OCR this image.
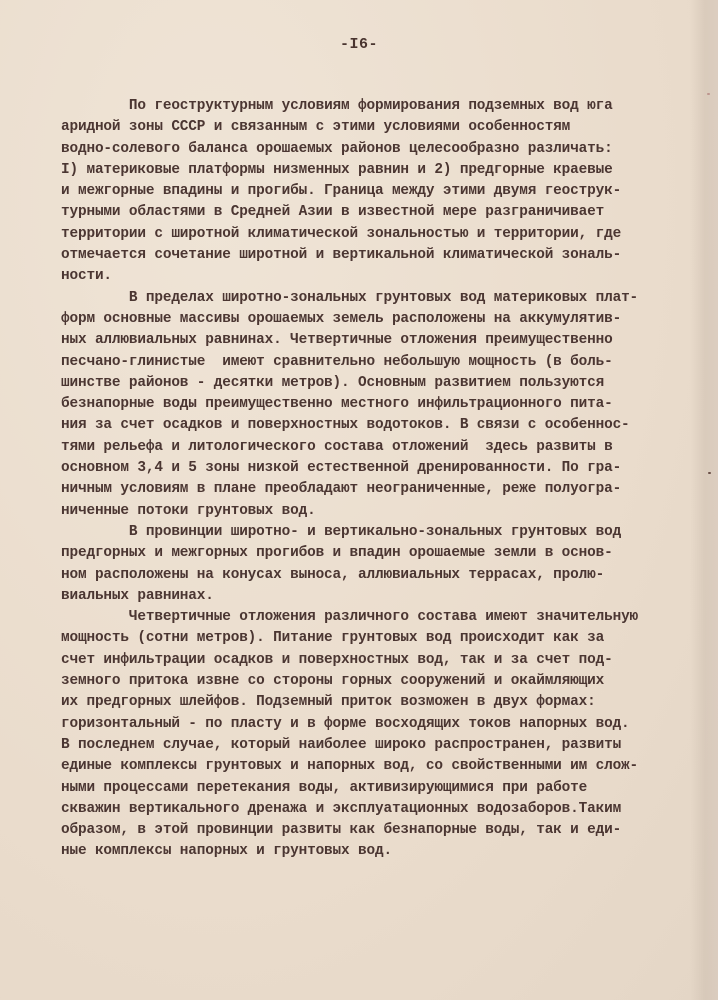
-I6-
По геоструктурным условиям формирования подземных вод юга
аридной зоны СССР и связанным с этими условиями особенностям
водно-солевого баланса орошаемых районов целесообразно различать:
I) материковые платформы низменных равнин и 2) предгорные краевые
и межгорные впадины и прогибы. Граница между этими двумя геострук-
турными областями в Средней Азии в известной мере разграничивает
территории с широтной климатической зональностью и территории, где
отмечается сочетание широтной и вертикальной климатической зональ-
ности.
В пределах широтно-зональных грунтовых вод материковых плат-
форм основные массивы орошаемых земель расположены на аккумулятив-
ных аллювиальных равнинах. Четвертичные отложения преимущественно
песчано-глинистые  имеют сравнительно небольшую мощность (в боль-
шинстве районов - десятки метров). Основным развитием пользуются
безнапорные воды преимущественно местного инфильтрационного пита-
ния за счет осадков и поверхностных водотоков. В связи с особеннос-
тями рельефа и литологического состава отложений  здесь развиты в
основном 3,4 и 5 зоны низкой естественной дренированности. По гра-
ничным условиям в плане преобладают неограниченные, реже полуогра-
ниченные потоки грунтовых вод.
В провинции широтно- и вертикально-зональных грунтовых вод
предгорных и межгорных прогибов и впадин орошаемые земли в основ-
ном расположены на конусах выноса, аллювиальных террасах, пролю-
виальных равнинах.
Четвертичные отложения различного состава имеют значительную
мощность (сотни метров). Питание грунтовых вод происходит как за
счет инфильтрации осадков и поверхностных вод, так и за счет под-
земного притока извне со стороны горных сооружений и окаймляющих
их предгорных шлейфов. Подземный приток возможен в двух формах:
горизонтальный - по пласту и в форме восходящих токов напорных вод.
В последнем случае, который наиболее широко распространен, развиты
единые комплексы грунтовых и напорных вод, со свойственными им слож-
ными процессами перетекания воды, активизирующимися при работе
скважин вертикального дренажа и эксплуатационных водозаборов.Таким
образом, в этой провинции развиты как безнапорные воды, так и еди-
ные комплексы напорных и грунтовых вод.
